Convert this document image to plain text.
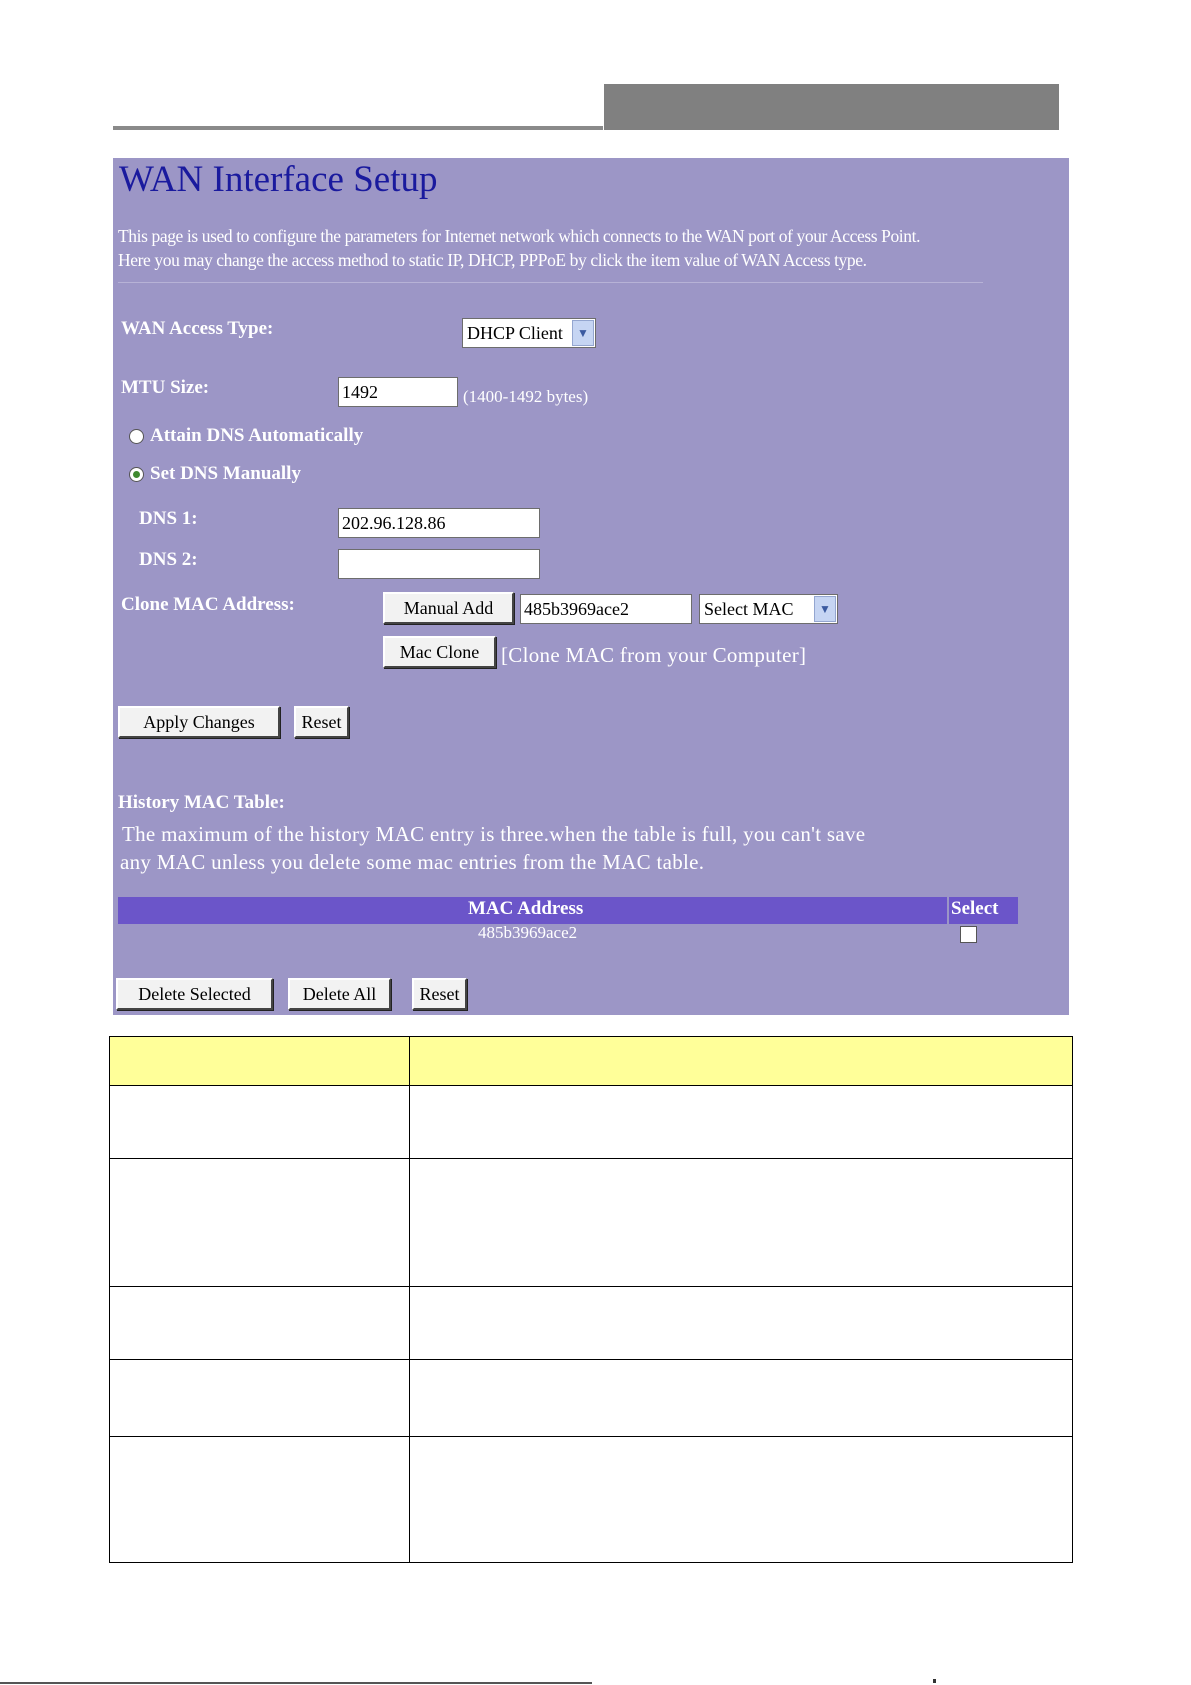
WAN Interface Setup
This page is used to configure the parameters for Internet network which connects to the WAN port of your Access Point.
Here you may change the access method to static IP, DHCP, PPPoE by click the item value of WAN Access type.
WAN Access Type:	DHCP Client	▼
MTU Size:	1492	(1400-1492 bytes)
Attain DNS Automatically
Set DNS Manually
DNS 1:	202.96.128.86
DNS 2:
Clone MAC Address:	Manual Add	485b3969ace2	Select MAC	▼
Mac Clone	[Clone MAC from your Computer]
Apply Changes	Reset
History MAC Table:
The maximum of the history MAC entry is three.when the table is full, you can't save
any MAC unless you delete some mac entries from the MAC table.
MAC Address	Select
485b3969ace2
Delete Selected	Delete All	Reset
